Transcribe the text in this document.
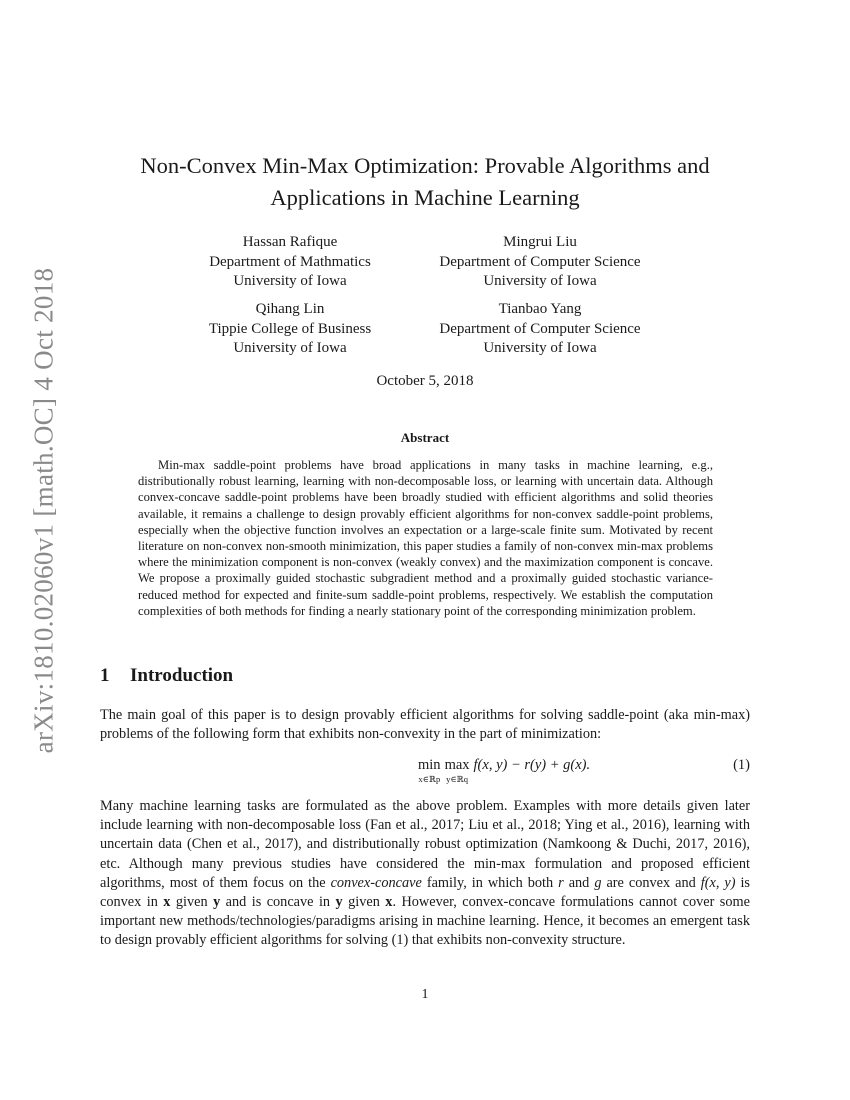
arXiv:1810.02060v1 [math.OC] 4 Oct 2018
Non-Convex Min-Max Optimization: Provable Algorithms and
Applications in Machine Learning
Hassan Rafique
Department of Mathmatics
University of Iowa
Mingrui Liu
Department of Computer Science
University of Iowa
Qihang Lin
Tippie College of Business
University of Iowa
Tianbao Yang
Department of Computer Science
University of Iowa
October 5, 2018
Abstract

Min-max saddle-point problems have broad applications in many tasks in machine learning, e.g., distributionally robust learning, learning with non-decomposable loss, or learning with uncertain data. Although convex-concave saddle-point problems have been broadly studied with efficient algorithms and solid theories available, it remains a challenge to design provably efficient algorithms for non-convex saddle-point problems, especially when the objective function involves an expectation or a large-scale finite sum. Motivated by recent literature on non-convex non-smooth minimization, this paper studies a family of non-convex min-max problems where the minimization component is non-convex (weakly convex) and the maximization component is concave. We propose a proximally guided stochastic subgradient method and a proximally guided stochastic variance-reduced method for expected and finite-sum saddle-point problems, respectively. We establish the computation complexities of both methods for finding a nearly stationary point of the corresponding minimization problem.

1 Introduction

The main goal of this paper is to design provably efficient algorithms for solving saddle-point (aka min-max) problems of the following form that exhibits non-convexity in the part of minimization:

min
x∈ℝp
max
y∈ℝq
f(x, y) − r(y) + g(x).	(1)

Many machine learning tasks are formulated as the above problem. Examples with more details given later include learning with non-decomposable loss (Fan et al., 2017; Liu et al., 2018; Ying et al., 2016), learning with uncertain data (Chen et al., 2017), and distributionally robust optimization (Namkoong & Duchi, 2017, 2016), etc. Although many previous studies have considered the min-max formulation and proposed efficient algorithms, most of them focus on the convex-concave family, in which both r and g are convex and f(x, y) is convex in x given y and is concave in y given x. However, convex-concave formulations cannot cover some important new methods/technologies/paradigms arising in machine learning. Hence, it becomes an emergent task to design provably efficient algorithms for solving (1) that exhibits non-convexity structure.

1
